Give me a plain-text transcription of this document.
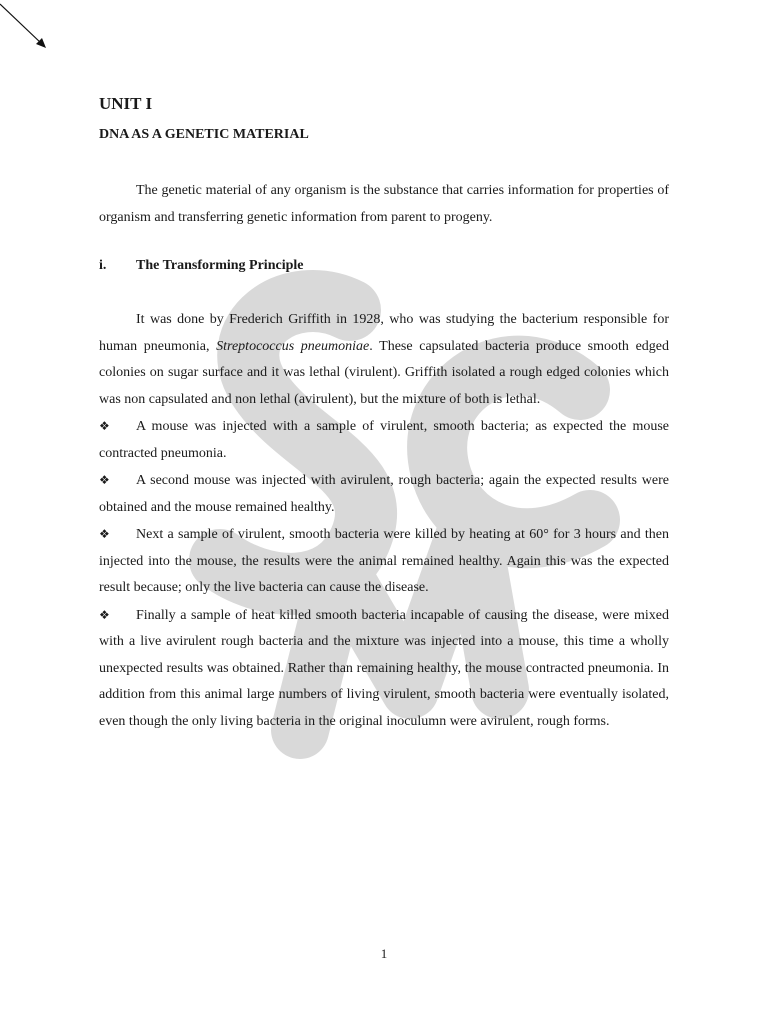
UNIT I
DNA AS A GENETIC MATERIAL

The genetic material of any organism is the substance that carries information for properties of organism and transferring genetic information from parent to progeny.

i.	The Transforming Principle

It was done by Frederich Griffith in 1928, who was studying the bacterium responsible for human pneumonia, Streptococcus pneumoniae. These capsulated bacteria produce smooth edged colonies on sugar surface and it was lethal (virulent). Griffith isolated a rough edged colonies which was non capsulated and non lethal (avirulent), but the mixture of both is lethal.

❖ A mouse was injected with a sample of virulent, smooth bacteria; as expected the mouse contracted pneumonia.

❖ A second mouse was injected with avirulent, rough bacteria; again the expected results were obtained and the mouse remained healthy.

❖ Next a sample of virulent, smooth bacteria were killed by heating at 60° for 3 hours and then injected into the mouse, the results were the animal remained healthy. Again this was the expected result because; only the live bacteria can cause the disease.

❖ Finally a sample of heat killed smooth bacteria incapable of causing the disease, were mixed with a live avirulent rough bacteria and the mixture was injected into a mouse, this time a wholly unexpected results was obtained. Rather than remaining healthy, the mouse contracted pneumonia. In addition from this animal large numbers of living virulent, smooth bacteria were eventually isolated, even though the only living bacteria in the original inoculumn were avirulent, rough forms.

1
